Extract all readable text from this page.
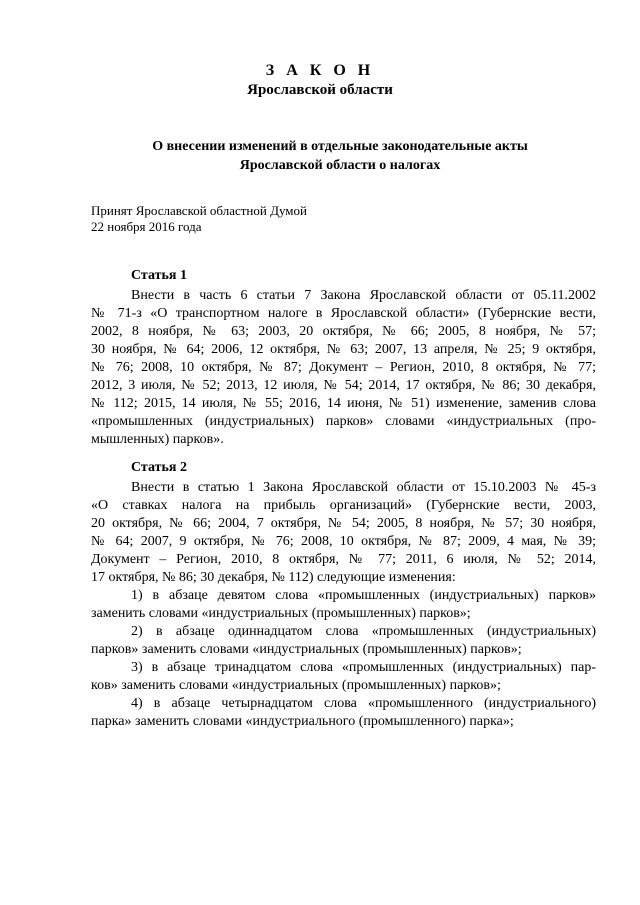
З А К О Н
Ярославской области
О внесении изменений в отдельные законодательные акты
Ярославской области о налогах
Принят Ярославской областной Думой
22 ноября 2016 года
Статья 1
Внести в часть 6 статьи 7 Закона Ярославской области от 05.11.2002
№ 71-з «О транспортном налоге в Ярославской области» (Губернские вести,
2002, 8 ноября, № 63; 2003, 20 октября, № 66; 2005, 8 ноября, № 57;
30 ноября, № 64; 2006, 12 октября, № 63; 2007, 13 апреля, № 25; 9 октября,
№ 76; 2008, 10 октября, № 87; Документ – Регион, 2010, 8 октября, № 77;
2012, 3 июля, № 52; 2013, 12 июля, № 54; 2014, 17 октября, № 86; 30 декабря,
№ 112; 2015, 14 июля, № 55; 2016, 14 июня, № 51) изменение, заменив слова
«промышленных (индустриальных) парков» словами «индустриальных (про-
мышленных) парков».
Статья 2
Внести в статью 1 Закона Ярославской области от 15.10.2003 № 45-з
«О ставках налога на прибыль организаций» (Губернские вести, 2003,
20 октября, № 66; 2004, 7 октября, № 54; 2005, 8 ноября, № 57; 30 ноября,
№ 64; 2007, 9 октября, № 76; 2008, 10 октября, № 87; 2009, 4 мая, № 39;
Документ – Регион, 2010, 8 октября, № 77; 2011, 6 июля, № 52; 2014,
17 октября, № 86; 30 декабря, № 112) следующие изменения:
1) в абзаце девятом слова «промышленных (индустриальных) парков»
заменить словами «индустриальных (промышленных) парков»;
2) в абзаце одиннадцатом слова «промышленных (индустриальных)
парков» заменить словами «индустриальных (промышленных) парков»;
3) в абзаце тринадцатом слова «промышленных (индустриальных) пар-
ков» заменить словами «индустриальных (промышленных) парков»;
4) в абзаце четырнадцатом слова «промышленного (индустриального)
парка» заменить словами «индустриального (промышленного) парка»;
